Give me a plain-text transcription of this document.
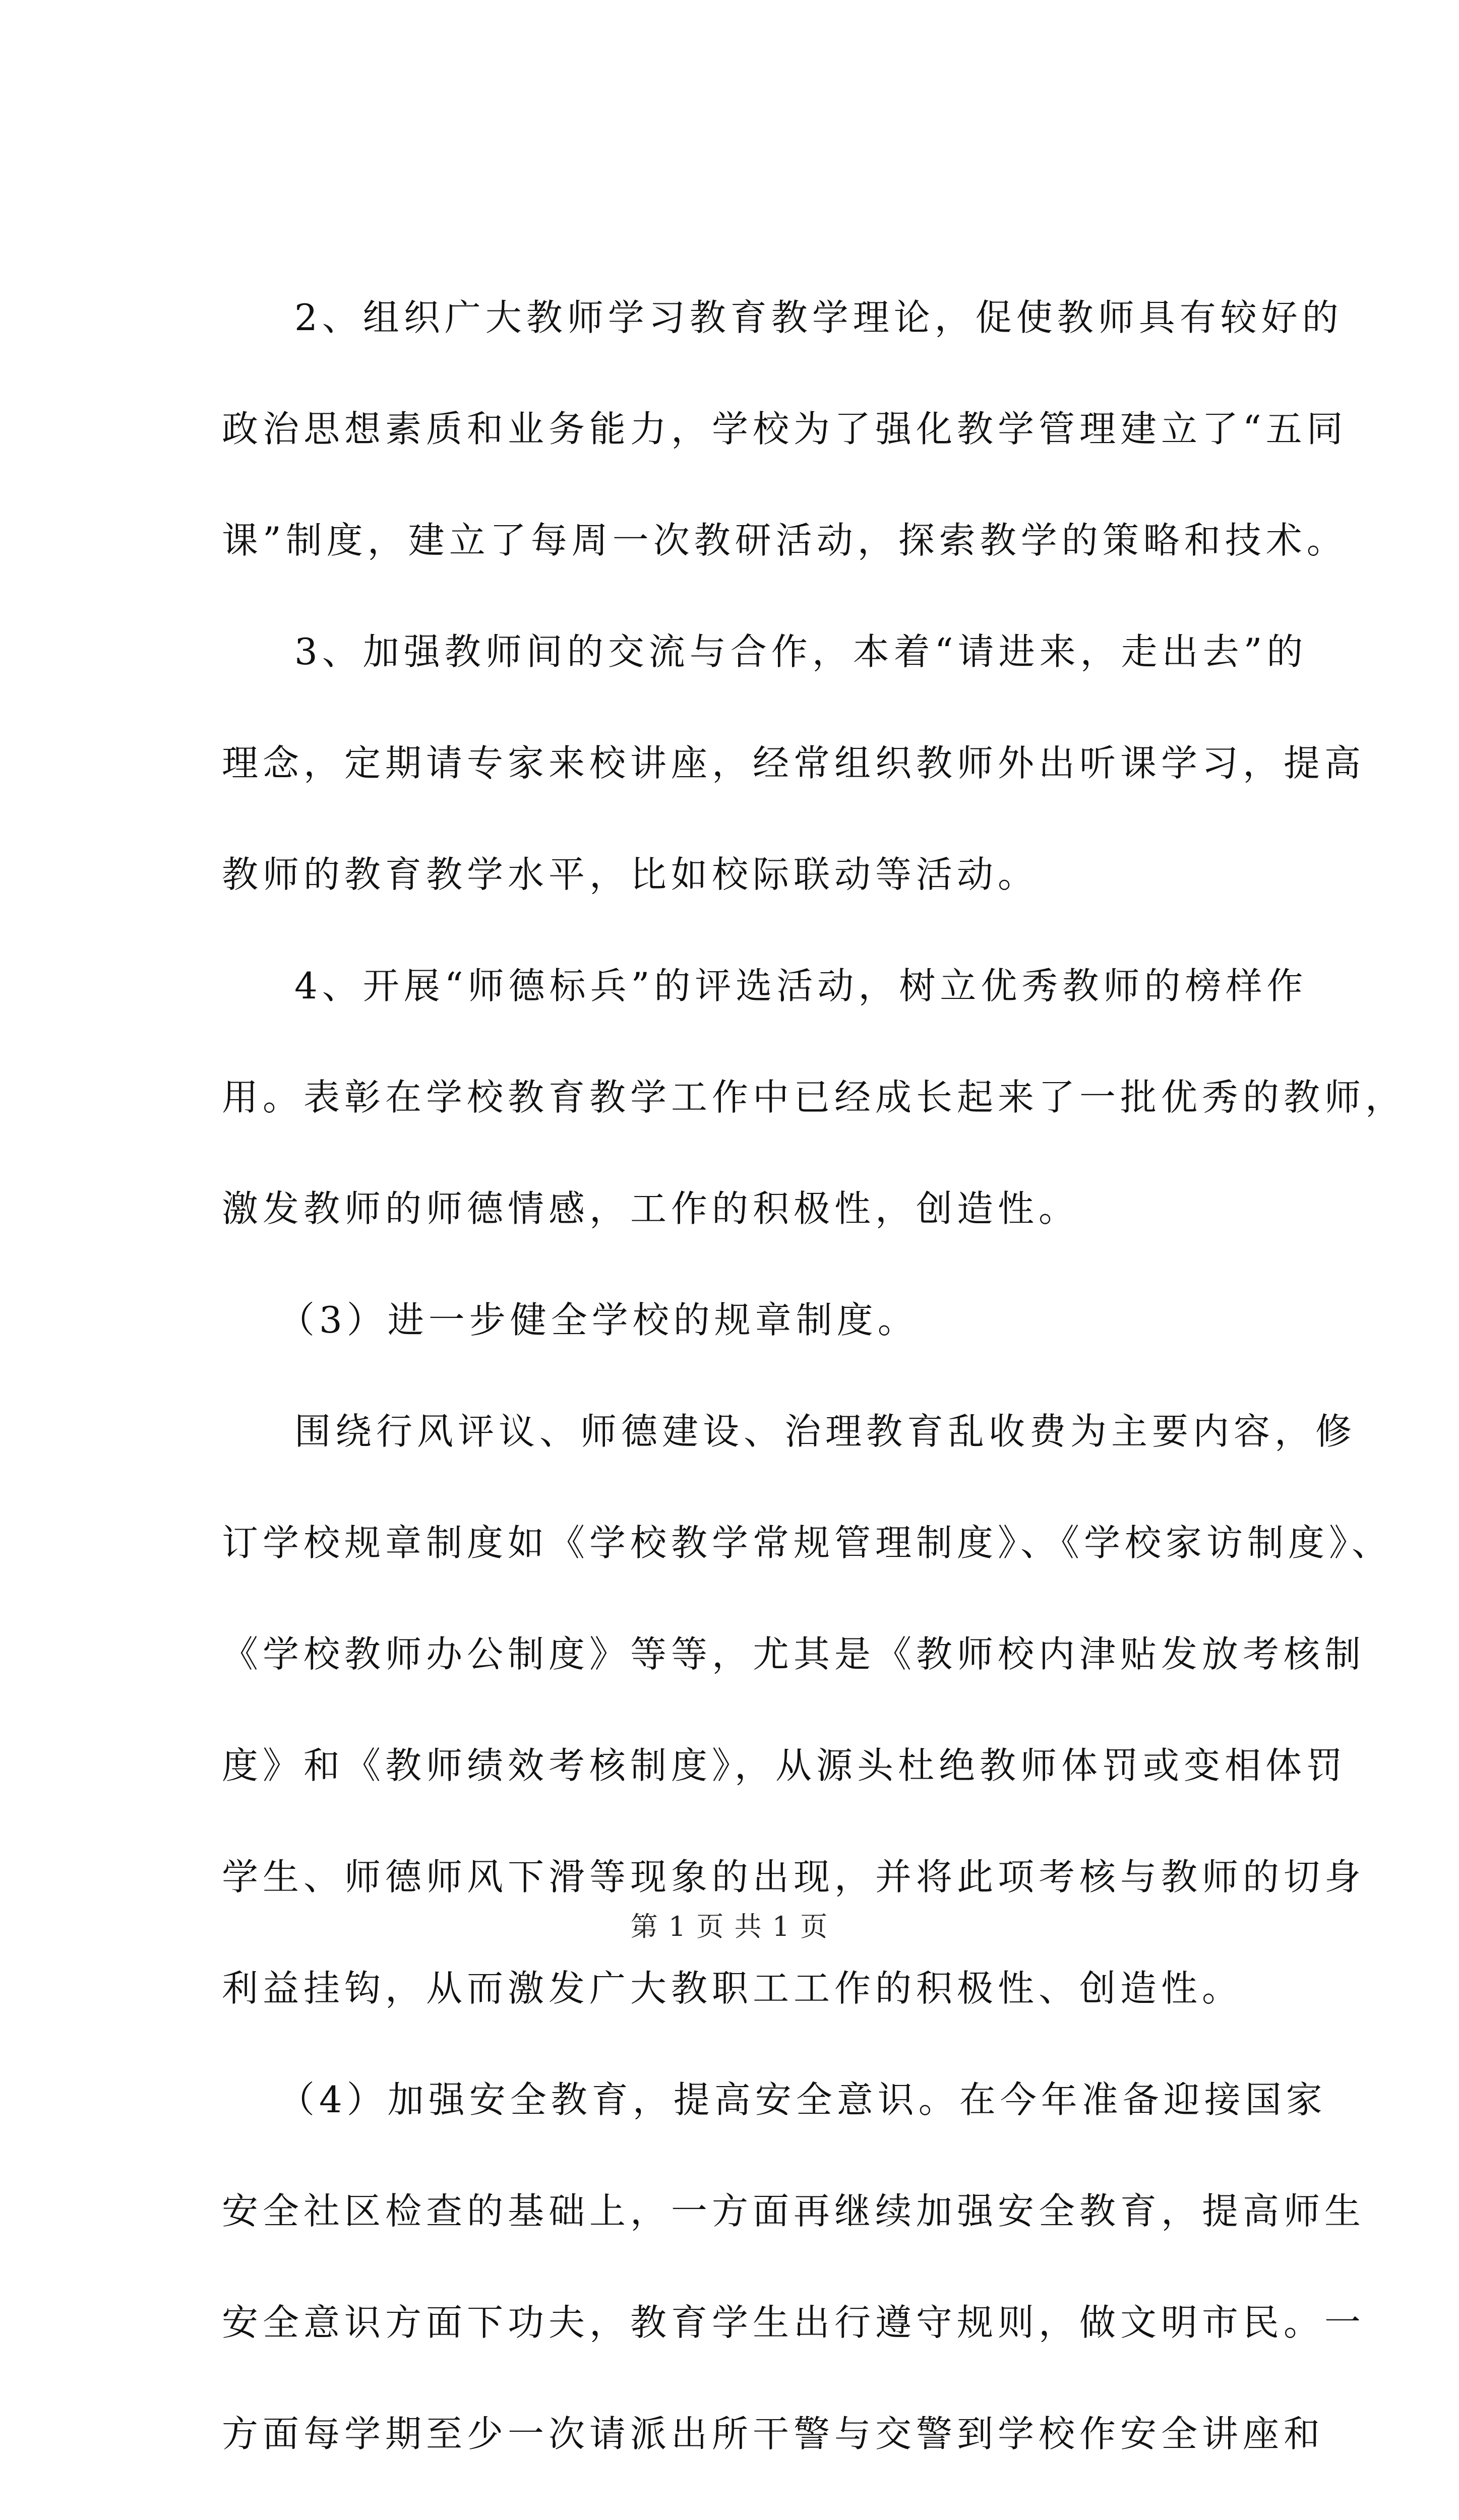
2、组织广大教师学习教育教学理论，促使教师具有较好的
政治思想素质和业务能力，学校为了强化教学管理建立了“五同
课”制度，建立了每周一次教研活动，探索教学的策略和技术。
3、加强教师间的交流与合作，本着“请进来，走出去”的
理念，定期请专家来校讲座，经常组织教师外出听课学习，提高
教师的教育教学水平，比如校际联动等活动。
4、开展“师德标兵”的评选活动，树立优秀教师的榜样作
用。表彰在学校教育教学工作中已经成长起来了一批优秀的教师，
激发教师的师德情感，工作的积极性，创造性。
（3）进一步健全学校的规章制度。
围绕行风评议、师德建设、治理教育乱收费为主要内容，修
订学校规章制度如《学校教学常规管理制度》、《学校家访制度》、
《学校教师办公制度》等等，尤其是《教师校内津贴发放考核制
度》和《教师绩效考核制度》，从源头杜绝教师体罚或变相体罚
学生、师德师风下滑等现象的出现，并将此项考核与教师的切身
利益挂钩，从而激发广大教职工工作的积极性、创造性。
（4）加强安全教育，提高安全意识。在今年准备迎接国家
安全社区检查的基础上，一方面再继续加强安全教育，提高师生
安全意识方面下功夫，教育学生出行遵守规则，做文明市民。一
方面每学期至少一次请派出所干警与交警到学校作安全讲座和
第 1 页 共 1 页
